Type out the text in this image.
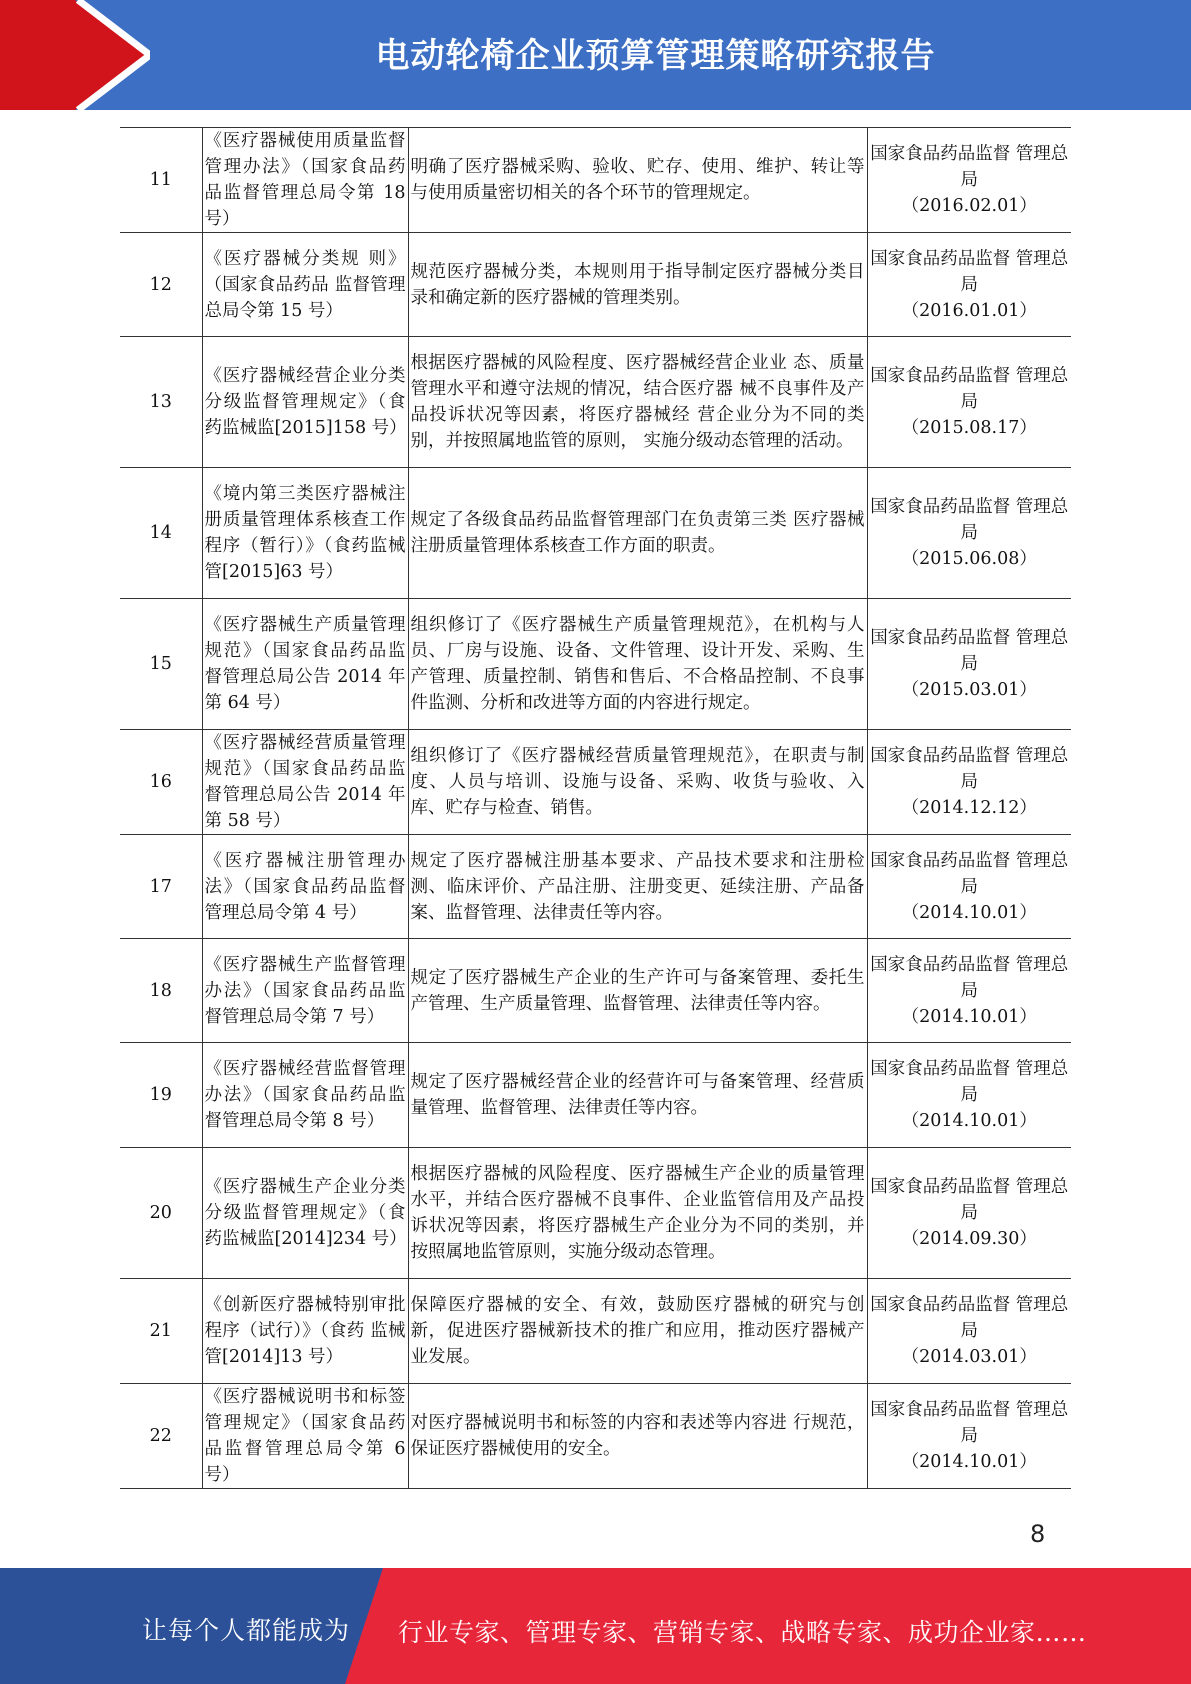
电动轮椅企业预算管理策略研究报告
11	《医疗器械使用质量监督管理办法》（国家食品药品监督管理总局令第 18 号）	明确了医疗器械采购、验收、贮存、使用、维护、转让等与使用质量密切相关的各个环节的管理规定。	国家食品药品监督 管理总局
（2016.02.01）

12	《医疗器械分类规 则》（国家食品药品 监督管理总局令第 15 号）	规范医疗器械分类，本规则用于指导制定医疗器械分类目录和确定新的医疗器械的管理类别。	国家食品药品监督 管理总局
（2016.01.01）

13	《医疗器械经营企业分类分级监督管理规定》（食药监械监[2015]158 号）	根据医疗器械的风险程度、医疗器械经营企业业 态、质量管理水平和遵守法规的情况，结合医疗器 械不良事件及产品投诉状况等因素，将医疗器械经 营企业分为不同的类别，并按照属地监管的原则， 实施分级动态管理的活动。	国家食品药品监督 管理总局
（2015.08.17）

14	《境内第三类医疗器械注册质量管理体系核查工作程序（暂行）》（食药监械管[2015]63 号）	规定了各级食品药品监督管理部门在负责第三类 医疗器械注册质量管理体系核查工作方面的职责。	国家食品药品监督 管理总局
（2015.06.08）

15	《医疗器械生产质量管理规范》（国家食品药品监督管理总局公告 2014 年第 64 号）	组织修订了《医疗器械生产质量管理规范》，在机构与人员、厂房与设施、设备、文件管理、设计开发、采购、生产管理、质量控制、销售和售后、不合格品控制、不良事件监测、分析和改进等方面的内容进行规定。	国家食品药品监督 管理总局
（2015.03.01）

16	《医疗器械经营质量管理规范》（国家食品药品监督管理总局公告 2014 年第 58 号）	组织修订了《医疗器械经营质量管理规范》，在职责与制度、人员与培训、设施与设备、采购、收货与验收、入库、贮存与检查、销售。	国家食品药品监督 管理总局
（2014.12.12）

17	《医疗器械注册管理办法》（国家食品药品监督管理总局令第 4 号）	规定了医疗器械注册基本要求、产品技术要求和注册检测、临床评价、产品注册、注册变更、延续注册、产品备案、监督管理、法律责任等内容。	国家食品药品监督 管理总局
（2014.10.01）

18	《医疗器械生产监督管理办法》（国家食品药品监督管理总局令第 7 号）	规定了医疗器械生产企业的生产许可与备案管理、委托生产管理、生产质量管理、监督管理、法律责任等内容。	国家食品药品监督 管理总局
（2014.10.01）

19	《医疗器械经营监督管理办法》（国家食品药品监督管理总局令第 8 号）	规定了医疗器械经营企业的经营许可与备案管理、经营质量管理、监督管理、法律责任等内容。	国家食品药品监督 管理总局
（2014.10.01）

20	《医疗器械生产企业分类分级监督管理规定》（食药监械监[2014]234 号）	根据医疗器械的风险程度、医疗器械生产企业的质量管理水平，并结合医疗器械不良事件、企业监管信用及产品投诉状况等因素，将医疗器械生产企业分为不同的类别，并按照属地监管原则，实施分级动态管理。	国家食品药品监督 管理总局
（2014.09.30）

21	《创新医疗器械特别审批程序（试行）》（食药 监械管[2014]13 号）	保障医疗器械的安全、有效，鼓励医疗器械的研究与创新，促进医疗器械新技术的推广和应用，推动医疗器械产业发展。	国家食品药品监督 管理总局
（2014.03.01）

22	《医疗器械说明书和标签管理规定》（国家食品药品监督管理总局令第 6 号）	对医疗器械说明书和标签的内容和表述等内容进 行规范，保证医疗器械使用的安全。	国家食品药品监督 管理总局
（2014.10.01）
8
让每个人都能成为 行业专家、管理专家、营销专家、战略专家、成功企业家……
